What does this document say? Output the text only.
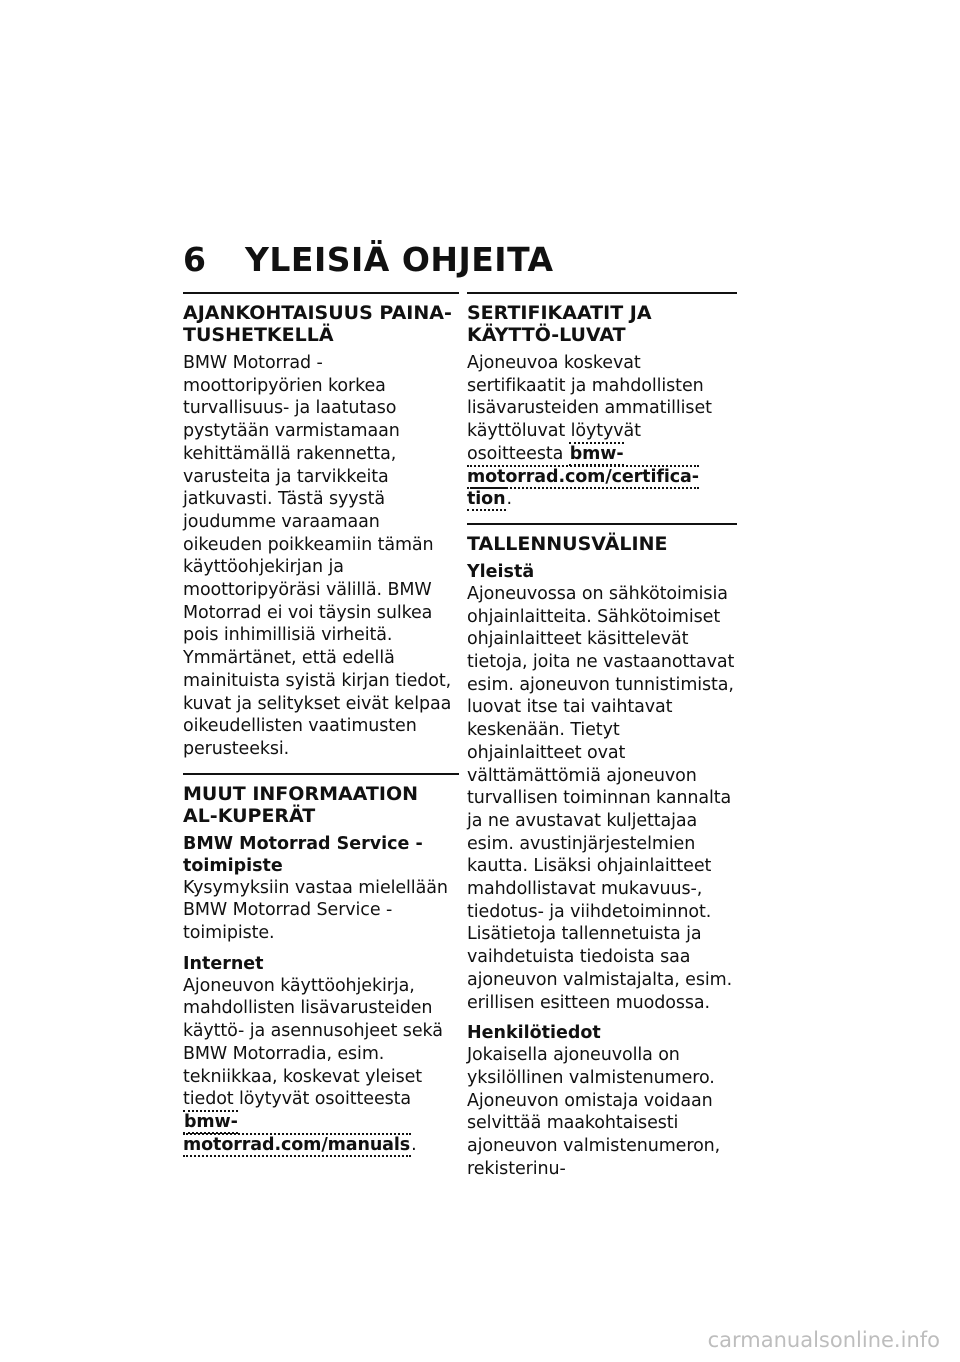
6 YLEISIÄ OHJEITA
AJANKOHTAISUUS PAINA-TUSHETKELLÄ

BMW Motorrad -moottoripyörien korkea turvallisuus- ja laatutaso pystytään varmistamaan kehittämällä rakennetta, varusteita ja tarvikkeita jatkuvasti. Tästä syystä joudumme varaamaan oikeuden poikkeamiin tämän käyttöohjekirjan ja moottoripyöräsi välillä. BMW Motorrad ei voi täysin sulkea pois inhimillisiä virheitä. Ymmärtänet, että edellä mainituista syistä kirjan tiedot, kuvat ja selitykset eivät kelpaa oikeudellisten vaatimusten perusteeksi.

MUUT INFORMAATION AL-KUPERÄT
BMW Motorrad Service -toimipiste

Kysymyksiin vastaa mielellään BMW Motorrad Service -toimipiste.

Internet

Ajoneuvon käyttöohjekirja, mahdollisten lisävarusteiden käyttö- ja asennusohjeet sekä BMW Motorradia, esim. tekniikkaa, koskevat yleiset tiedot löytyvät osoitteesta bmw-motorrad.com/manuals.

SERTIFIKAATIT JA KÄYTTÖ-LUVAT

Ajoneuvoa koskevat sertifikaatit ja mahdollisten lisävarusteiden ammatilliset käyttöluvat löytyvät osoitteesta bmw-motorrad.com/certifica-tion.

TALLENNUSVÄLINE
Yleistä

Ajoneuvossa on sähkötoimisia ohjainlaitteita. Sähkötoimiset ohjainlaitteet käsittelevät tietoja, joita ne vastaanottavat esim. ajoneuvon tunnistimista, luovat itse tai vaihtavat keskenään. Tietyt ohjainlaitteet ovat välttämättömiä ajoneuvon turvallisen toiminnan kannalta ja ne avustavat kuljettajaa esim. avustinjärjestelmien kautta. Lisäksi ohjainlaitteet mahdollistavat mukavuus-, tiedotus- ja viihdetoiminnot.

Lisätietoja tallennetuista ja vaihdetuista tiedoista saa ajoneuvon valmistajalta, esim. erillisen esitteen muodossa.

Henkilötiedot

Jokaisella ajoneuvolla on yksilöllinen valmistenumero. Ajoneuvon omistaja voidaan selvittää maakohtaisesti ajoneuvon valmistenumeron, rekisterinu-

carmanualsonline.info
